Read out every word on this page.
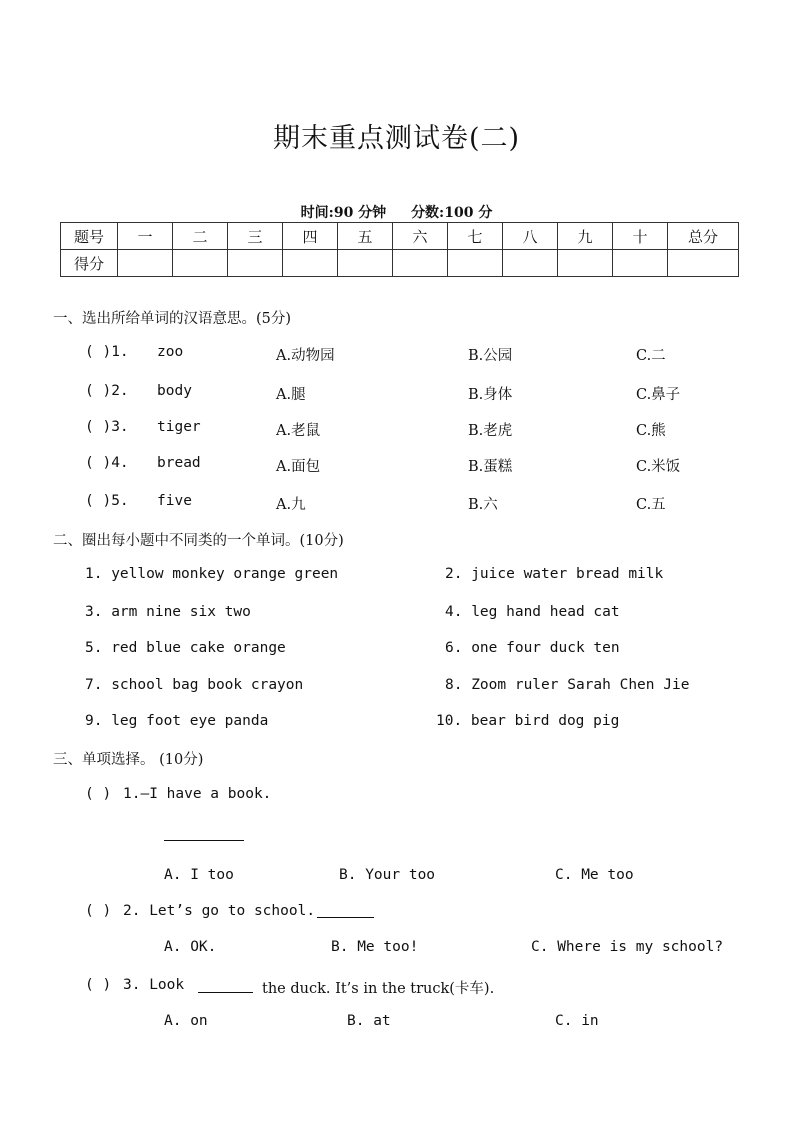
期末重点测试卷(二)
时间:90 分钟 分数:100 分
题号	一	二	三	四	五	六	七	八	九	十	总分
得分											
一、选出所给单词的汉语意思。(5分)
( )1. zoo	A.动物园	B.公园	C.二
( )2. body	A.腿	B.身体	C.鼻子
( )3. tiger	A.老鼠	B.老虎	C.熊
( )4. bread	A.面包	B.蛋糕	C.米饭
( )5. five	A.九	B.六	C.五
二、圈出每小题中不同类的一个单词。(10分)
1. yellow monkey orange green	2. juice water bread milk
3. arm nine six two	4. leg hand head cat
5. red blue cake orange	6. one four duck ten
7. school bag book crayon	8. Zoom ruler Sarah Chen Jie
9. leg foot eye panda	10. bear bird dog pig
三、单项选择。 (10分)
( ) 1.—I have a book.
A. I too	B. Your too	C. Me too
( ) 2. Let’s go to school.
A. OK.	B. Me too!	C. Where is my school?
( ) 3. Look	the duck. It’s in the truck(卡车).
A. on	B. at	C. in
